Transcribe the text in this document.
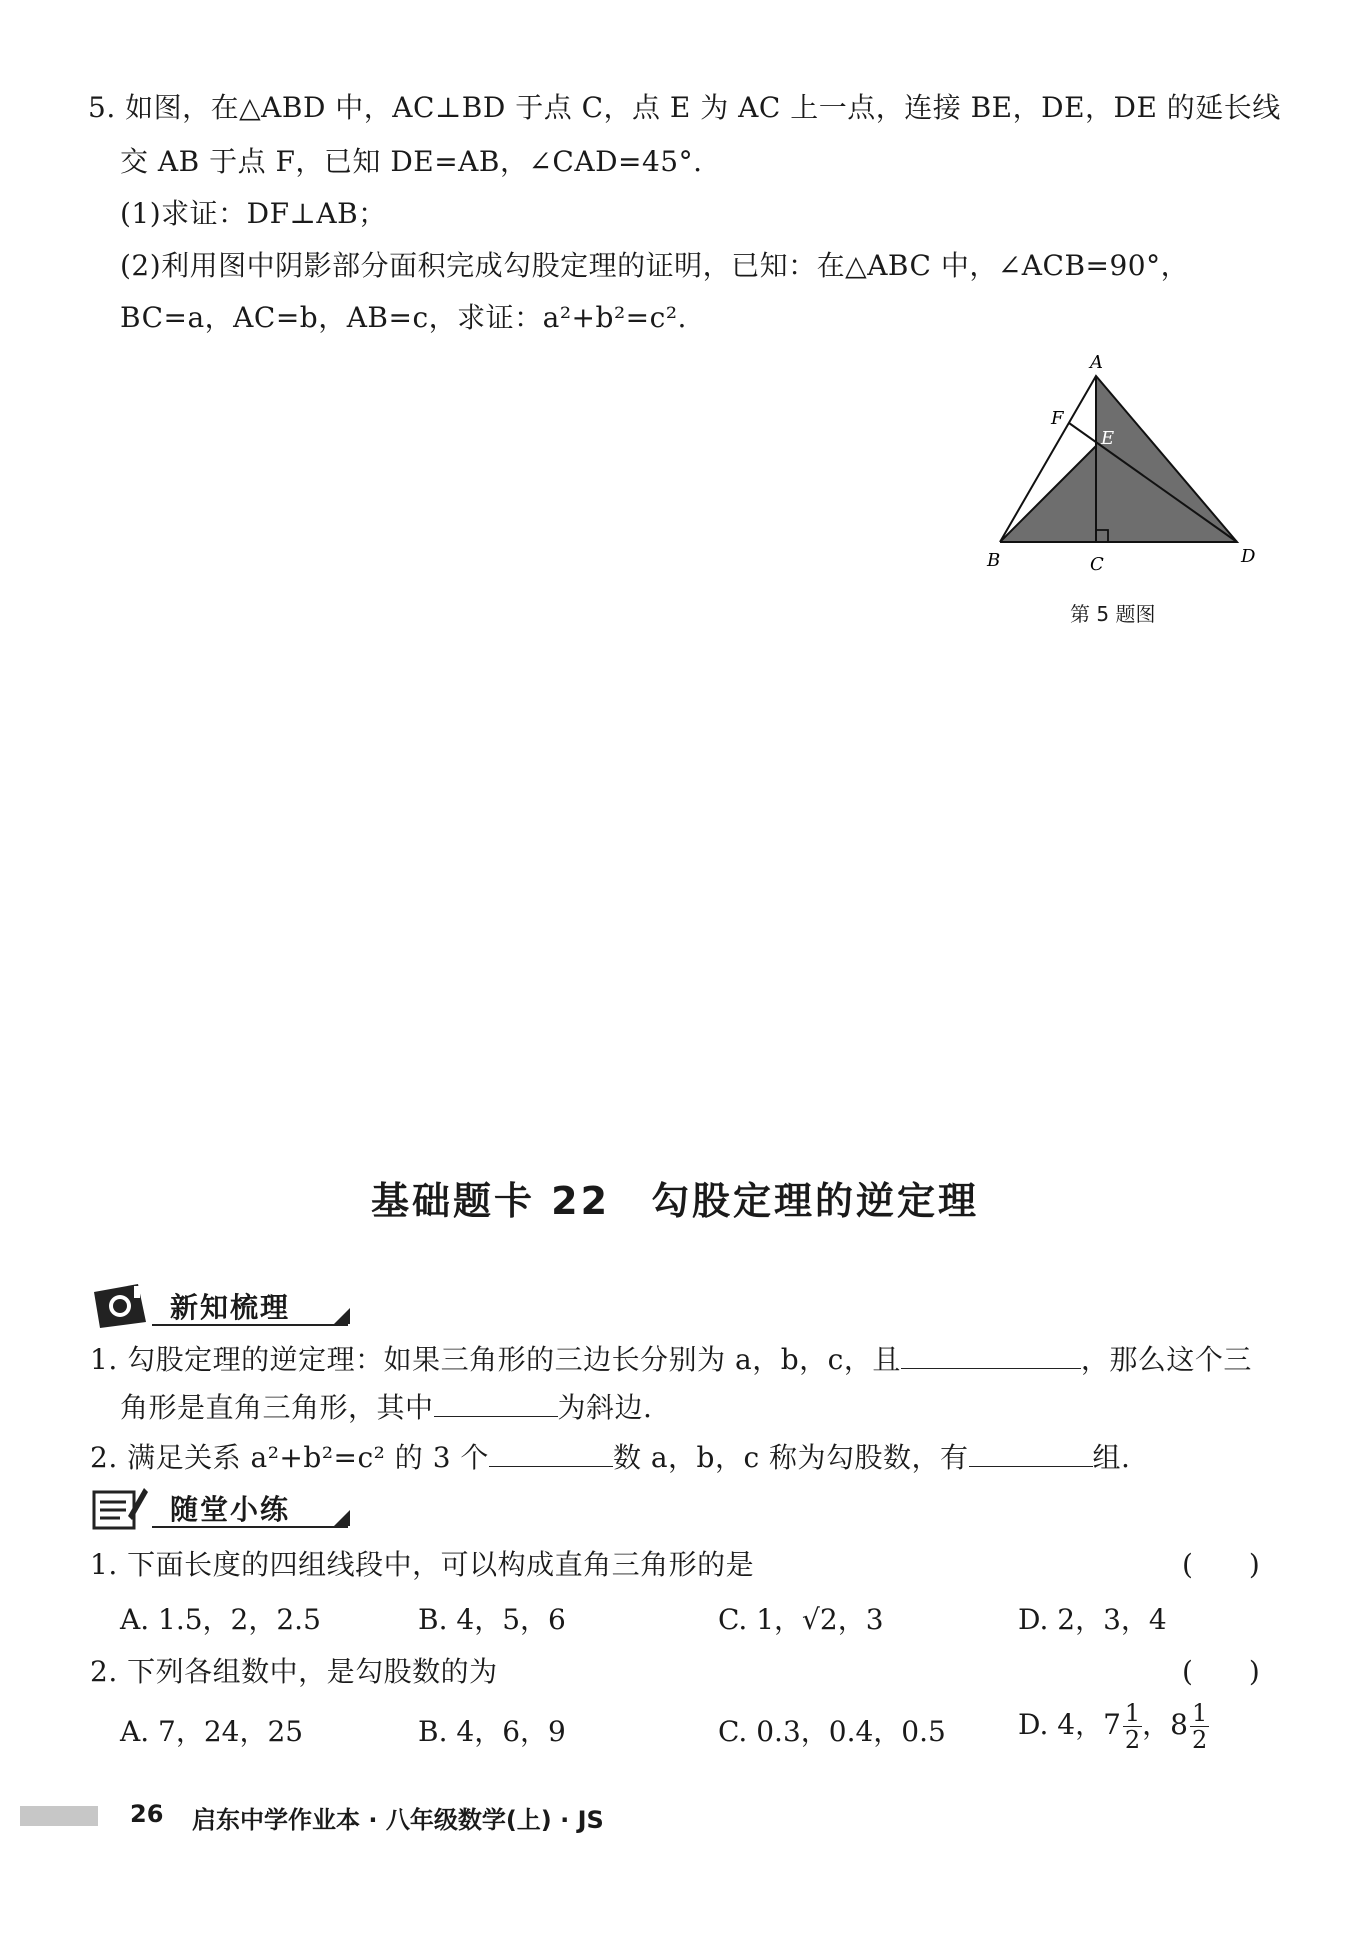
5. 如图，在△ABD 中，AC⊥BD 于点 C，点 E 为 AC 上一点，连接 BE，DE，DE 的延长线
交 AB 于点 F，已知 DE=AB，∠CAD=45°.
(1)求证：DF⊥AB；
(2)利用图中阴影部分面积完成勾股定理的证明，已知：在△ABC 中，∠ACB=90°，
BC=a，AC=b，AB=c，求证：a²+b²=c².
A
F
E
B	C	D
第 5 题图
基础题卡 22　勾股定理的逆定理
新知梳理
1. 勾股定理的逆定理：如果三角形的三边长分别为 a，b，c，且	，那么这个三
角形是直角三角形，其中	为斜边.
2. 满足关系 a²+b²=c² 的 3 个	数 a，b，c 称为勾股数，有	组.
随堂小练
1. 下面长度的四组线段中，可以构成直角三角形的是	(　　)
A. 1.5，2，2.5	B. 4，5，6	C. 1，√2，3	D. 2，3，4
2. 下列各组数中，是勾股数的为	(　　)
A. 7，24，25	B. 4，6，9	C. 0.3，0.4，0.5	D. 4，$7 \frac{1}{2}$ ，$8 \frac{1}{2}$
26 启东中学作业本 · 八年级数学(上) · JS
